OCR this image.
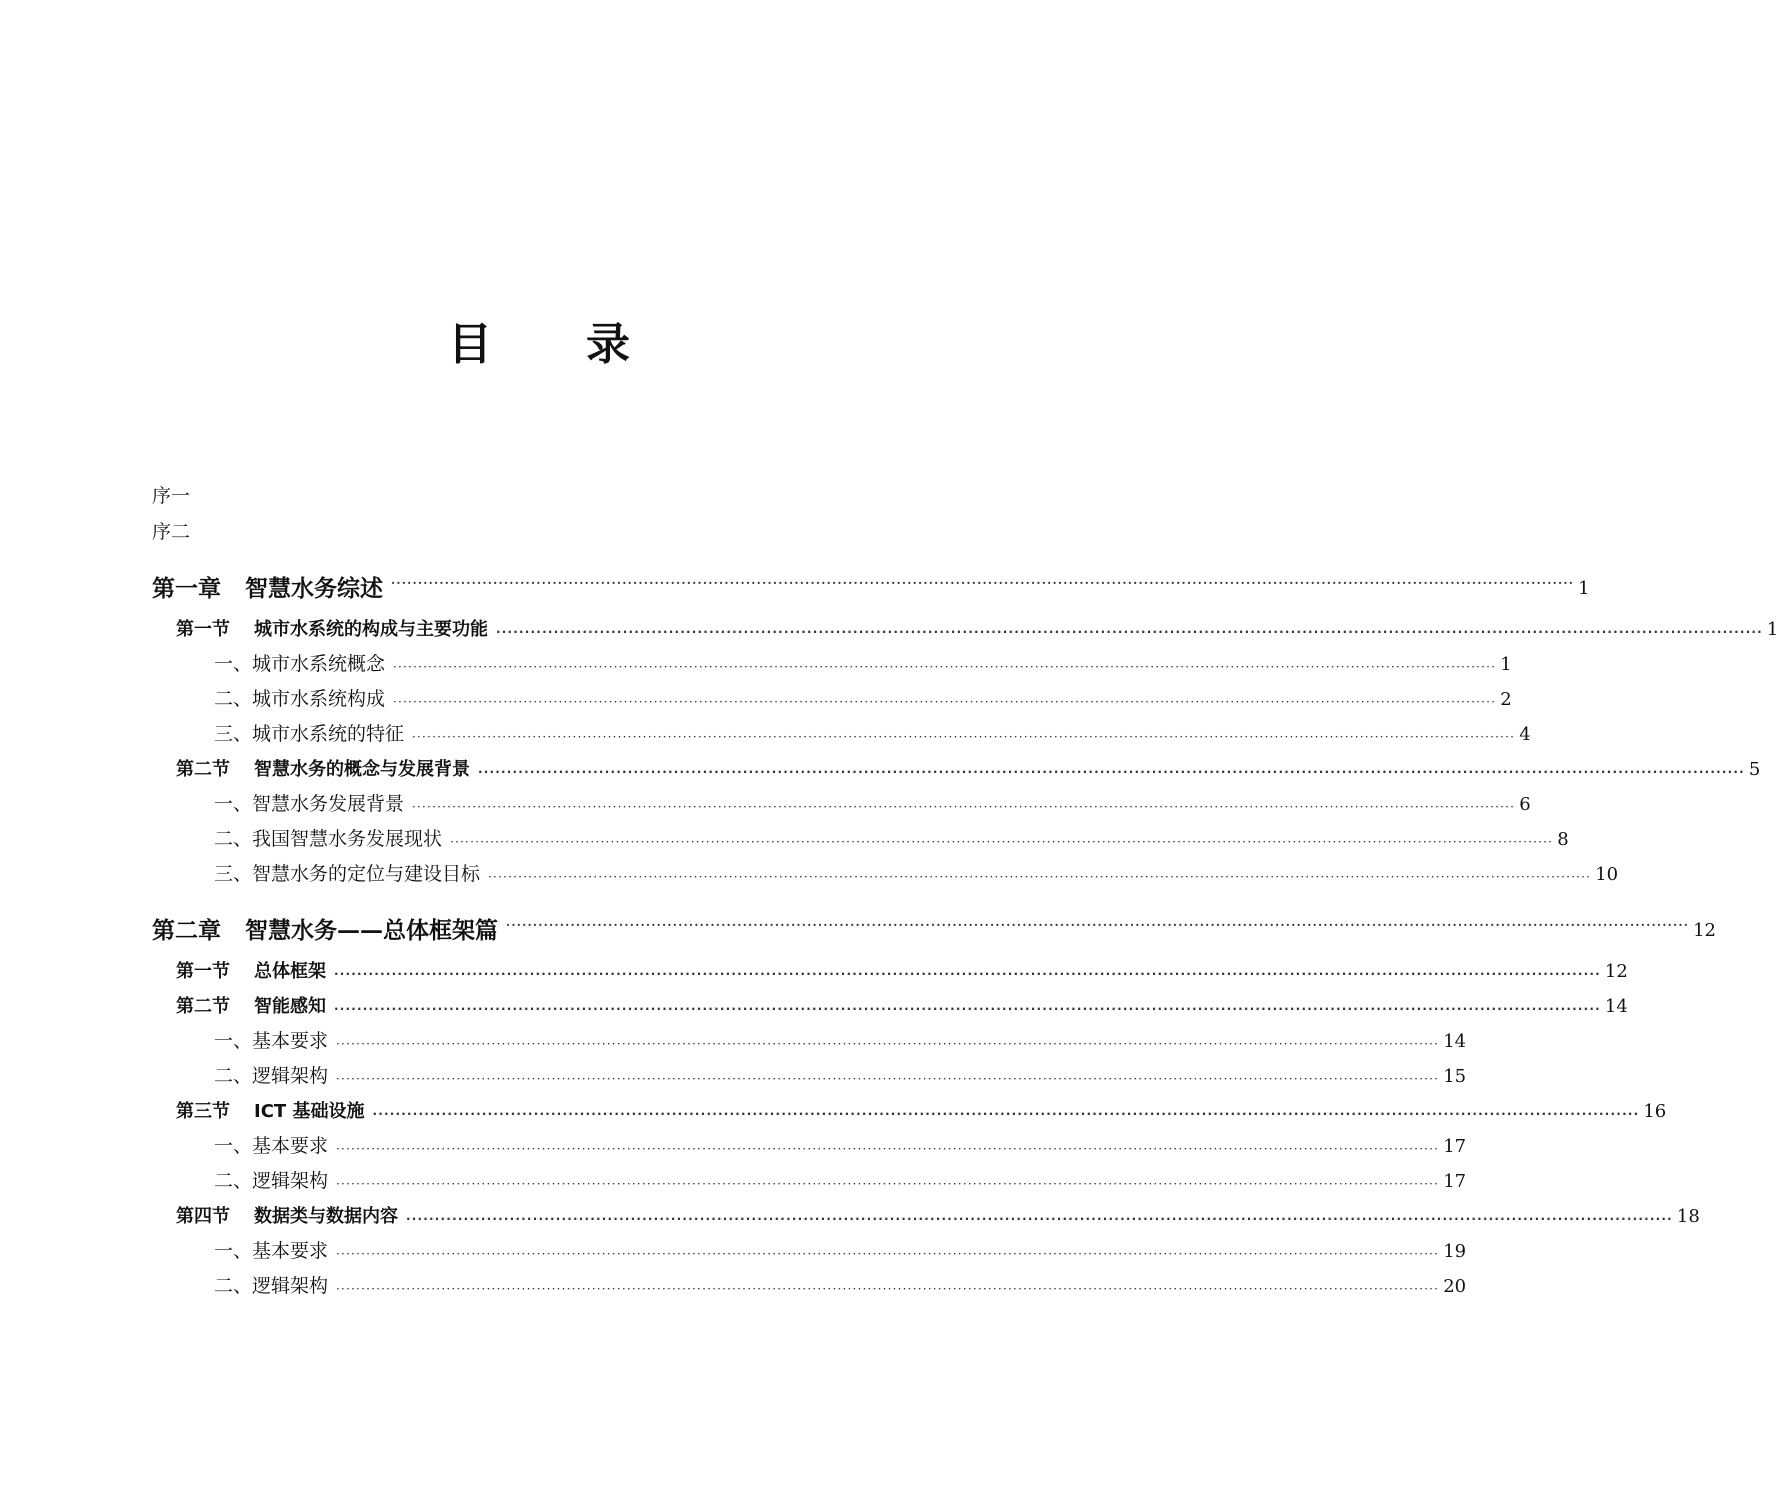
目 录
序一
序二
第一章 智慧水务综述 ···························································································································································································································· 1
第一节 城市水系统的构成与主要功能 ···························································································································································································································· 1
一、城市水系统概念 ···························································································································································································································· 1
二、城市水系统构成 ···························································································································································································································· 2
三、城市水系统的特征 ···························································································································································································································· 4
第二节 智慧水务的概念与发展背景 ···························································································································································································································· 5
一、智慧水务发展背景 ···························································································································································································································· 6
二、我国智慧水务发展现状 ···························································································································································································································· 8
三、智慧水务的定位与建设目标 ···························································································································································································································· 10
第二章 智慧水务——总体框架篇 ···························································································································································································································· 12
第一节 总体框架 ···························································································································································································································· 12
第二节 智能感知 ···························································································································································································································· 14
一、基本要求 ···························································································································································································································· 14
二、逻辑架构 ···························································································································································································································· 15
第三节 ICT 基础设施 ···························································································································································································································· 16
一、基本要求 ···························································································································································································································· 17
二、逻辑架构 ···························································································································································································································· 17
第四节 数据类与数据内容 ···························································································································································································································· 18
一、基本要求 ···························································································································································································································· 19
二、逻辑架构 ···························································································································································································································· 20
